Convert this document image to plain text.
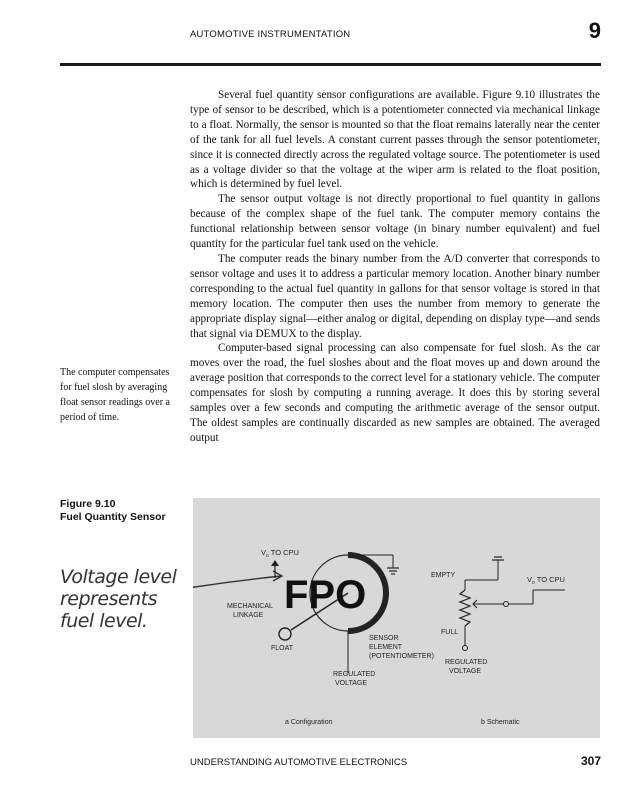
AUTOMOTIVE INSTRUMENTATION	9

Several fuel quantity sensor configurations are available. Figure 9.10 illustrates the type of sensor to be described, which is a potentiometer connected via mechanical linkage to a float. Normally, the sensor is mounted so that the float remains laterally near the center of the tank for all fuel levels. A constant current passes through the sensor potentiometer, since it is connected directly across the regulated voltage source. The potentiometer is used as a voltage divider so that the voltage at the wiper arm is related to the float position, which is determined by fuel level.

The sensor output voltage is not directly proportional to fuel quantity in gallons because of the complex shape of the fuel tank. The computer memory contains the functional relationship between sensor voltage (in binary number equivalent) and fuel quantity for the particular fuel tank used on the vehicle.

The computer reads the binary number from the A/D converter that corresponds to sensor voltage and uses it to address a particular memory location. Another binary number corresponding to the actual fuel quantity in gallons for that sensor voltage is stored in that memory location. The computer then uses the number from memory to generate the appropriate display signal—either analog or digital, depending on display type—and sends that signal via DEMUX to the display.

Computer-based signal processing can also compensate for fuel slosh. As the car moves over the road, the fuel sloshes about and the float moves up and down around the average position that corresponds to the correct level for a stationary vehicle. The computer compensates for slosh by computing a running average. It does this by storing several samples over a few seconds and computing the arithmetic average of the sensor output. The oldest samples are continually discarded as new samples are obtained. The averaged output

The computer compensates for fuel slosh by averaging float sensor readings over a period of time.
Figure 9.10
Fuel Quantity Sensor
Voltage level represents fuel level.
$V_o$ TO CPU
MECHANICAL
LINKAGE
FLOAT
SENSOR
ELEMENT
(POTENTIOMETER)
REGULATED
VOLTAGE
a Configuration
FPO	EMPTY	$V_o$ TO CPU
FULL
REGULATED
VOLTAGE
b Schematic
UNDERSTANDING AUTOMOTIVE ELECTRONICS	307
